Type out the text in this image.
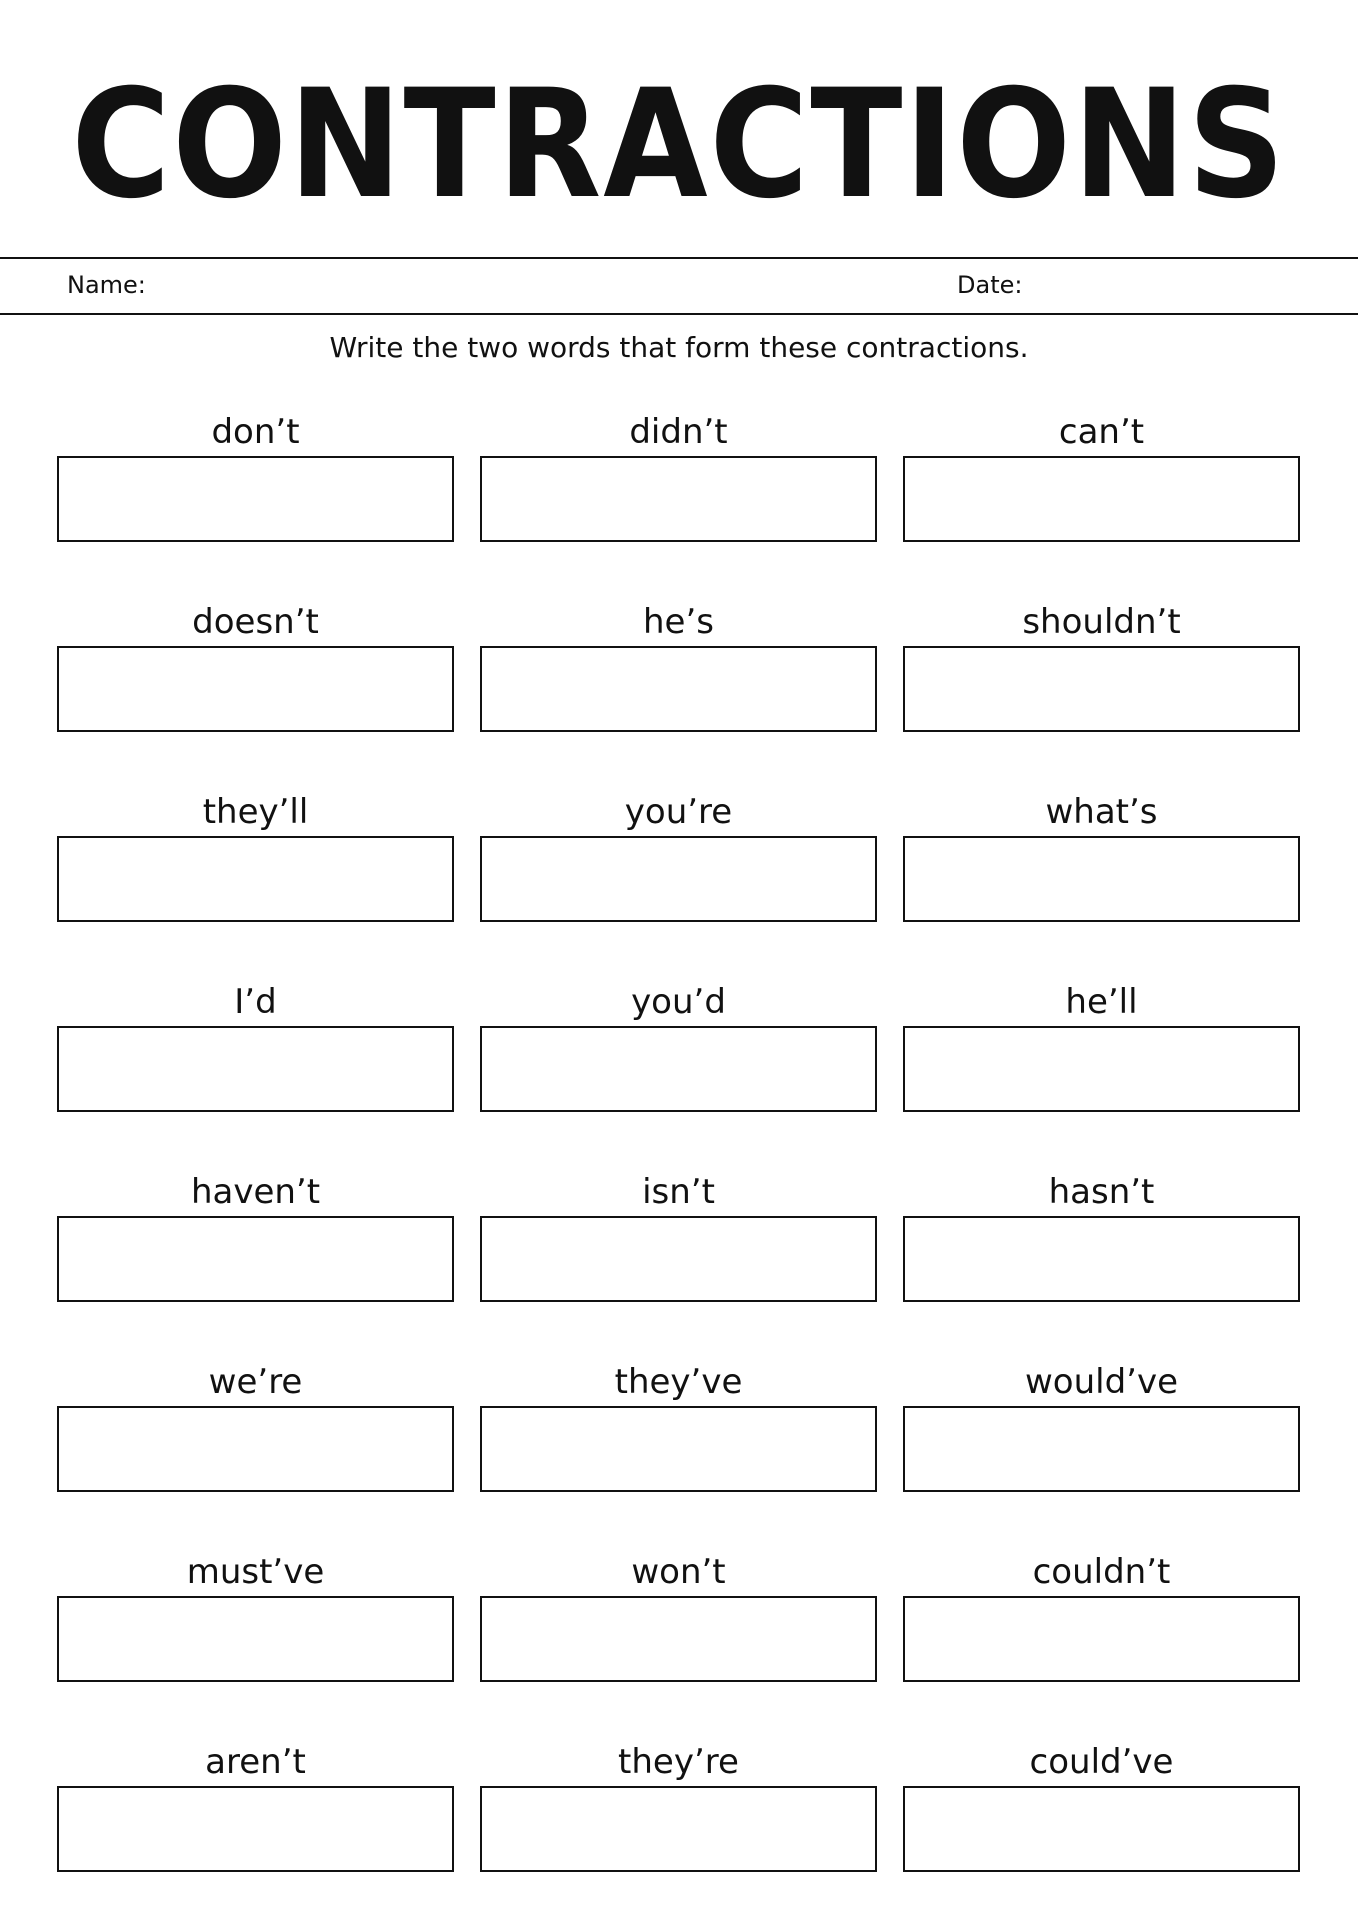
CONTRACTIONS
Name:	Date:
Write the two words that form these contractions.
don’t	didn’t	can’t
doesn’t	he’s	shouldn’t
they’ll	you’re	what’s
I’d	you’d	he’ll
haven’t	isn’t	hasn’t
we’re	they’ve	would’ve
must’ve	won’t	couldn’t
aren’t	they’re	could’ve
